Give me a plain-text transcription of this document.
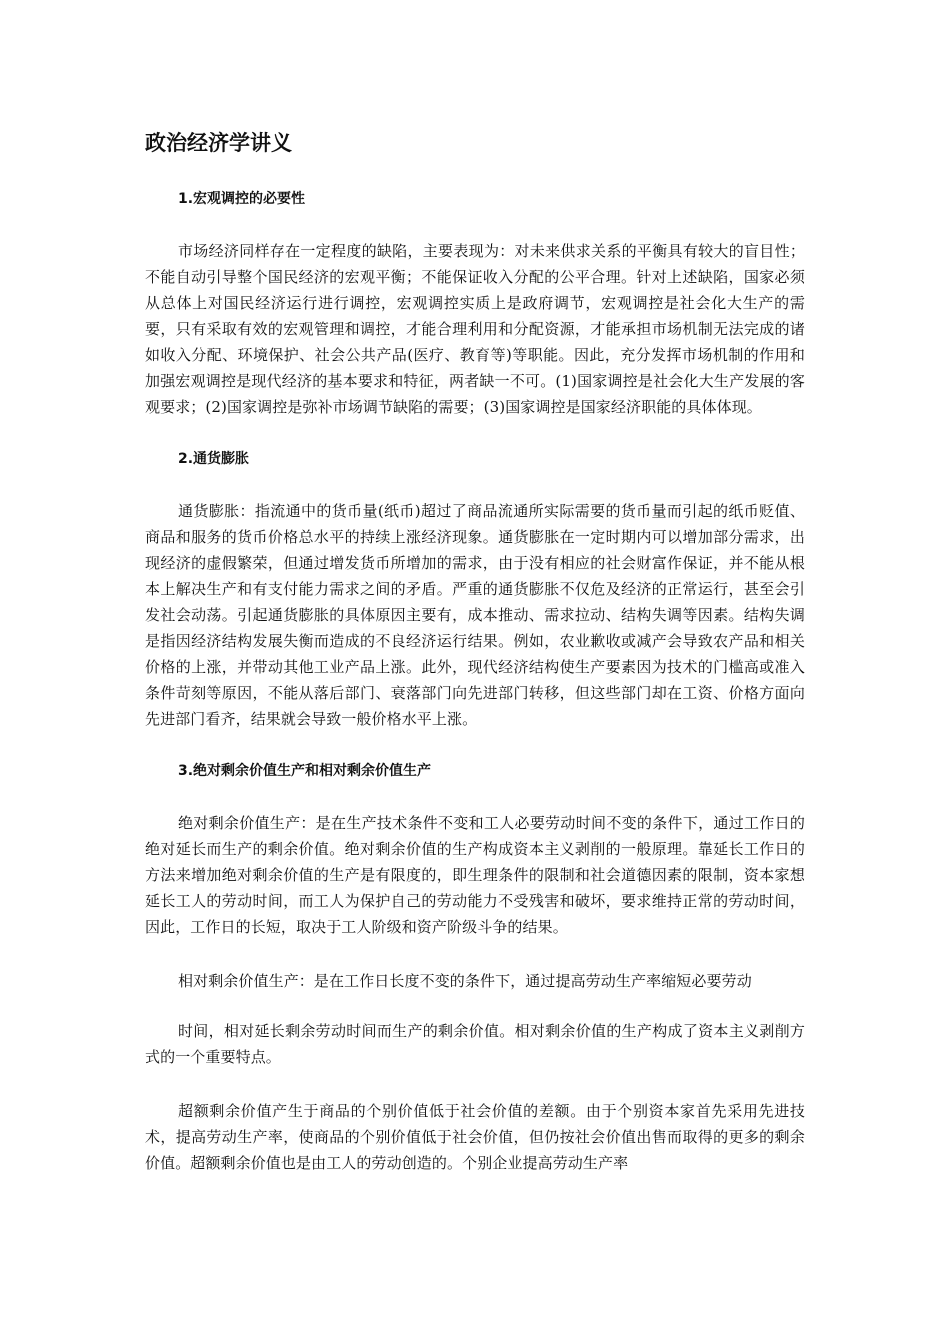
政治经济学讲义
1.宏观调控的必要性

市场经济同样存在一定程度的缺陷，主要表现为：对未来供求关系的平衡具有较大的盲目性；不能自动引导整个国民经济的宏观平衡；不能保证收入分配的公平合理。针对上述缺陷，国家必须从总体上对国民经济运行进行调控，宏观调控实质上是政府调节，宏观调控是社会化大生产的需要，只有采取有效的宏观管理和调控，才能合理利用和分配资源，才能承担市场机制无法完成的诸如收入分配、环境保护、社会公共产品(医疗、教育等)等职能。因此，充分发挥市场机制的作用和加强宏观调控是现代经济的基本要求和特征，两者缺一不可。(1)国家调控是社会化大生产发展的客观要求；(2)国家调控是弥补市场调节缺陷的需要；(3)国家调控是国家经济职能的具体体现。

2.通货膨胀

通货膨胀：指流通中的货币量(纸币)超过了商品流通所实际需要的货币量而引起的纸币贬值、商品和服务的货币价格总水平的持续上涨经济现象。通货膨胀在一定时期内可以增加部分需求，出现经济的虚假繁荣，但通过增发货币所增加的需求，由于没有相应的社会财富作保证，并不能从根本上解决生产和有支付能力需求之间的矛盾。严重的通货膨胀不仅危及经济的正常运行，甚至会引发社会动荡。引起通货膨胀的具体原因主要有，成本推动、需求拉动、结构失调等因素。结构失调是指因经济结构发展失衡而造成的不良经济运行结果。例如，农业歉收或减产会导致农产品和相关价格的上涨，并带动其他工业产品上涨。此外，现代经济结构使生产要素因为技术的门槛高或准入条件苛刻等原因，不能从落后部门、衰落部门向先进部门转移，但这些部门却在工资、价格方面向先进部门看齐，结果就会导致一般价格水平上涨。

3.绝对剩余价值生产和相对剩余价值生产

绝对剩余价值生产：是在生产技术条件不变和工人必要劳动时间不变的条件下，通过工作日的绝对延长而生产的剩余价值。绝对剩余价值的生产构成资本主义剥削的一般原理。靠延长工作日的方法来增加绝对剩余价值的生产是有限度的，即生理条件的限制和社会道德因素的限制，资本家想延长工人的劳动时间，而工人为保护自己的劳动能力不受残害和破坏，要求维持正常的劳动时间，因此，工作日的长短，取决于工人阶级和资产阶级斗争的结果。

相对剩余价值生产：是在工作日长度不变的条件下，通过提高劳动生产率缩短必要劳动

时间，相对延长剩余劳动时间而生产的剩余价值。相对剩余价值的生产构成了资本主义剥削方式的一个重要特点。

超额剩余价值产生于商品的个别价值低于社会价值的差额。由于个别资本家首先采用先进技术，提高劳动生产率，使商品的个别价值低于社会价值，但仍按社会价值出售而取得的更多的剩余价值。超额剩余价值也是由工人的劳动创造的。个别企业提高劳动生产率
